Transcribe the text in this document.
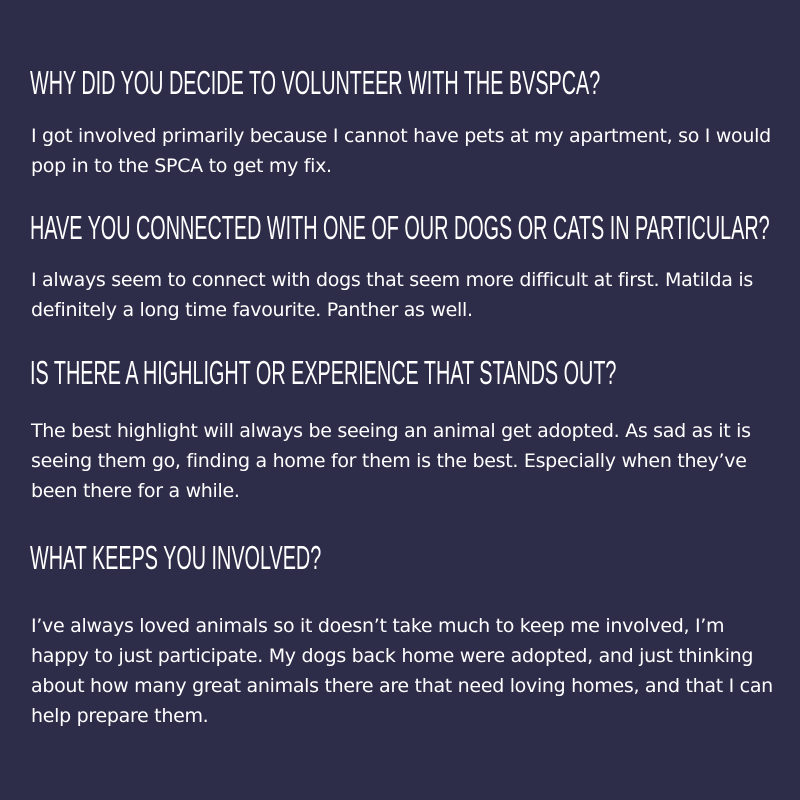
WHY DID YOU DECIDE TO VOLUNTEER WITH THE BVSPCA?

I got involved primarily because I cannot have pets at my apartment, so I would pop in to the SPCA to get my fix.

HAVE YOU CONNECTED WITH ONE OF OUR DOGS OR CATS IN PARTICULAR?

I always seem to connect with dogs that seem more difficult at first. Matilda is definitely a long time favourite. Panther as well.

IS THERE A HIGHLIGHT OR EXPERIENCE THAT STANDS OUT?

The best highlight will always be seeing an animal get adopted. As sad as it is seeing them go, finding a home for them is the best. Especially when they’ve been there for a while.

WHAT KEEPS YOU INVOLVED?

I’ve always loved animals so it doesn’t take much to keep me involved, I’m happy to just participate. My dogs back home were adopted, and just thinking about how many great animals there are that need loving homes, and that I can help prepare them.
